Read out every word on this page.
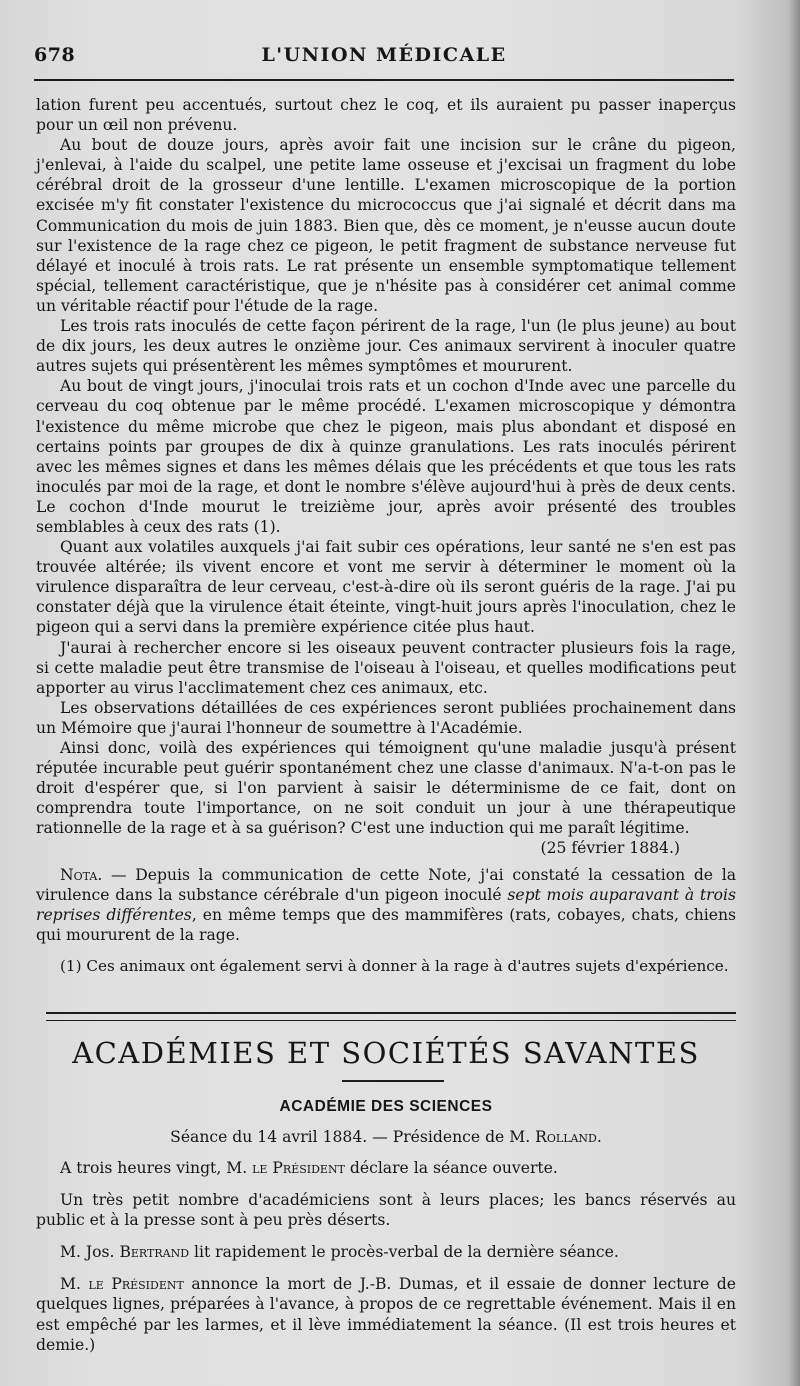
678	L'UNION MÉDICALE

lation furent peu accentués, surtout chez le coq, et ils auraient pu passer inaperçus pour un œil non prévenu.

Au bout de douze jours, après avoir fait une incision sur le crâne du pigeon, j'enlevai, à l'aide du scalpel, une petite lame osseuse et j'excisai un fragment du lobe cérébral droit de la grosseur d'une lentille. L'examen microscopique de la portion excisée m'y fit constater l'existence du micrococcus que j'ai signalé et décrit dans ma Communication du mois de juin 1883. Bien que, dès ce moment, je n'eusse aucun doute sur l'existence de la rage chez ce pigeon, le petit fragment de substance nerveuse fut délayé et inoculé à trois rats. Le rat présente un ensemble symptomatique tellement spécial, tellement caractéristique, que je n'hésite pas à considérer cet animal comme un véritable réactif pour l'étude de la rage.

Les trois rats inoculés de cette façon périrent de la rage, l'un (le plus jeune) au bout de dix jours, les deux autres le onzième jour. Ces animaux servirent à inoculer quatre autres sujets qui présentèrent les mêmes symptômes et moururent.

Au bout de vingt jours, j'inoculai trois rats et un cochon d'Inde avec une parcelle du cerveau du coq obtenue par le même procédé. L'examen microscopique y démontra l'existence du même microbe que chez le pigeon, mais plus abondant et disposé en certains points par groupes de dix à quinze granulations. Les rats inoculés périrent avec les mêmes signes et dans les mêmes délais que les précédents et que tous les rats inoculés par moi de la rage, et dont le nombre s'élève aujourd'hui à près de deux cents. Le cochon d'Inde mourut le treizième jour, après avoir présenté des troubles semblables à ceux des rats (1).

Quant aux volatiles auxquels j'ai fait subir ces opérations, leur santé ne s'en est pas trouvée altérée; ils vivent encore et vont me servir à déterminer le moment où la virulence disparaîtra de leur cerveau, c'est-à-dire où ils seront guéris de la rage. J'ai pu constater déjà que la virulence était éteinte, vingt-huit jours après l'inoculation, chez le pigeon qui a servi dans la première expérience citée plus haut.

J'aurai à rechercher encore si les oiseaux peuvent contracter plusieurs fois la rage, si cette maladie peut être transmise de l'oiseau à l'oiseau, et quelles modifications peut apporter au virus l'acclimatement chez ces animaux, etc.

Les observations détaillées de ces expériences seront publiées prochainement dans un Mémoire que j'aurai l'honneur de soumettre à l'Académie.

Ainsi donc, voilà des expériences qui témoignent qu'une maladie jusqu'à présent réputée incurable peut guérir spontanément chez une classe d'animaux. N'a-t-on pas le droit d'espérer que, si l'on parvient à saisir le déterminisme de ce fait, dont on comprendra toute l'importance, on ne soit conduit un jour à une thérapeutique rationnelle de la rage et à sa guérison? C'est une induction qui me paraît légitime.

(25 février 1884.)

Nota. — Depuis la communication de cette Note, j'ai constaté la cessation de la virulence dans la substance cérébrale d'un pigeon inoculé sept mois auparavant à trois reprises différentes, en même temps que des mammifères (rats, cobayes, chats, chiens qui moururent de la rage.

(1) Ces animaux ont également servi à donner à la rage à d'autres sujets d'expérience.

ACADÉMIES ET SOCIÉTÉS SAVANTES
ACADÉMIE DES SCIENCES
Séance du 14 avril 1884. — Présidence de M. Rolland.

A trois heures vingt, M. le Président déclare la séance ouverte.

Un très petit nombre d'académiciens sont à leurs places; les bancs réservés au public et à la presse sont à peu près déserts.

M. Jos. Bertrand lit rapidement le procès-verbal de la dernière séance.

M. le Président annonce la mort de J.-B. Dumas, et il essaie de donner lecture de quelques lignes, préparées à l'avance, à propos de ce regrettable événement. Mais il en est empêché par les larmes, et il lève immédiatement la séance. (Il est trois heures et demie.)
